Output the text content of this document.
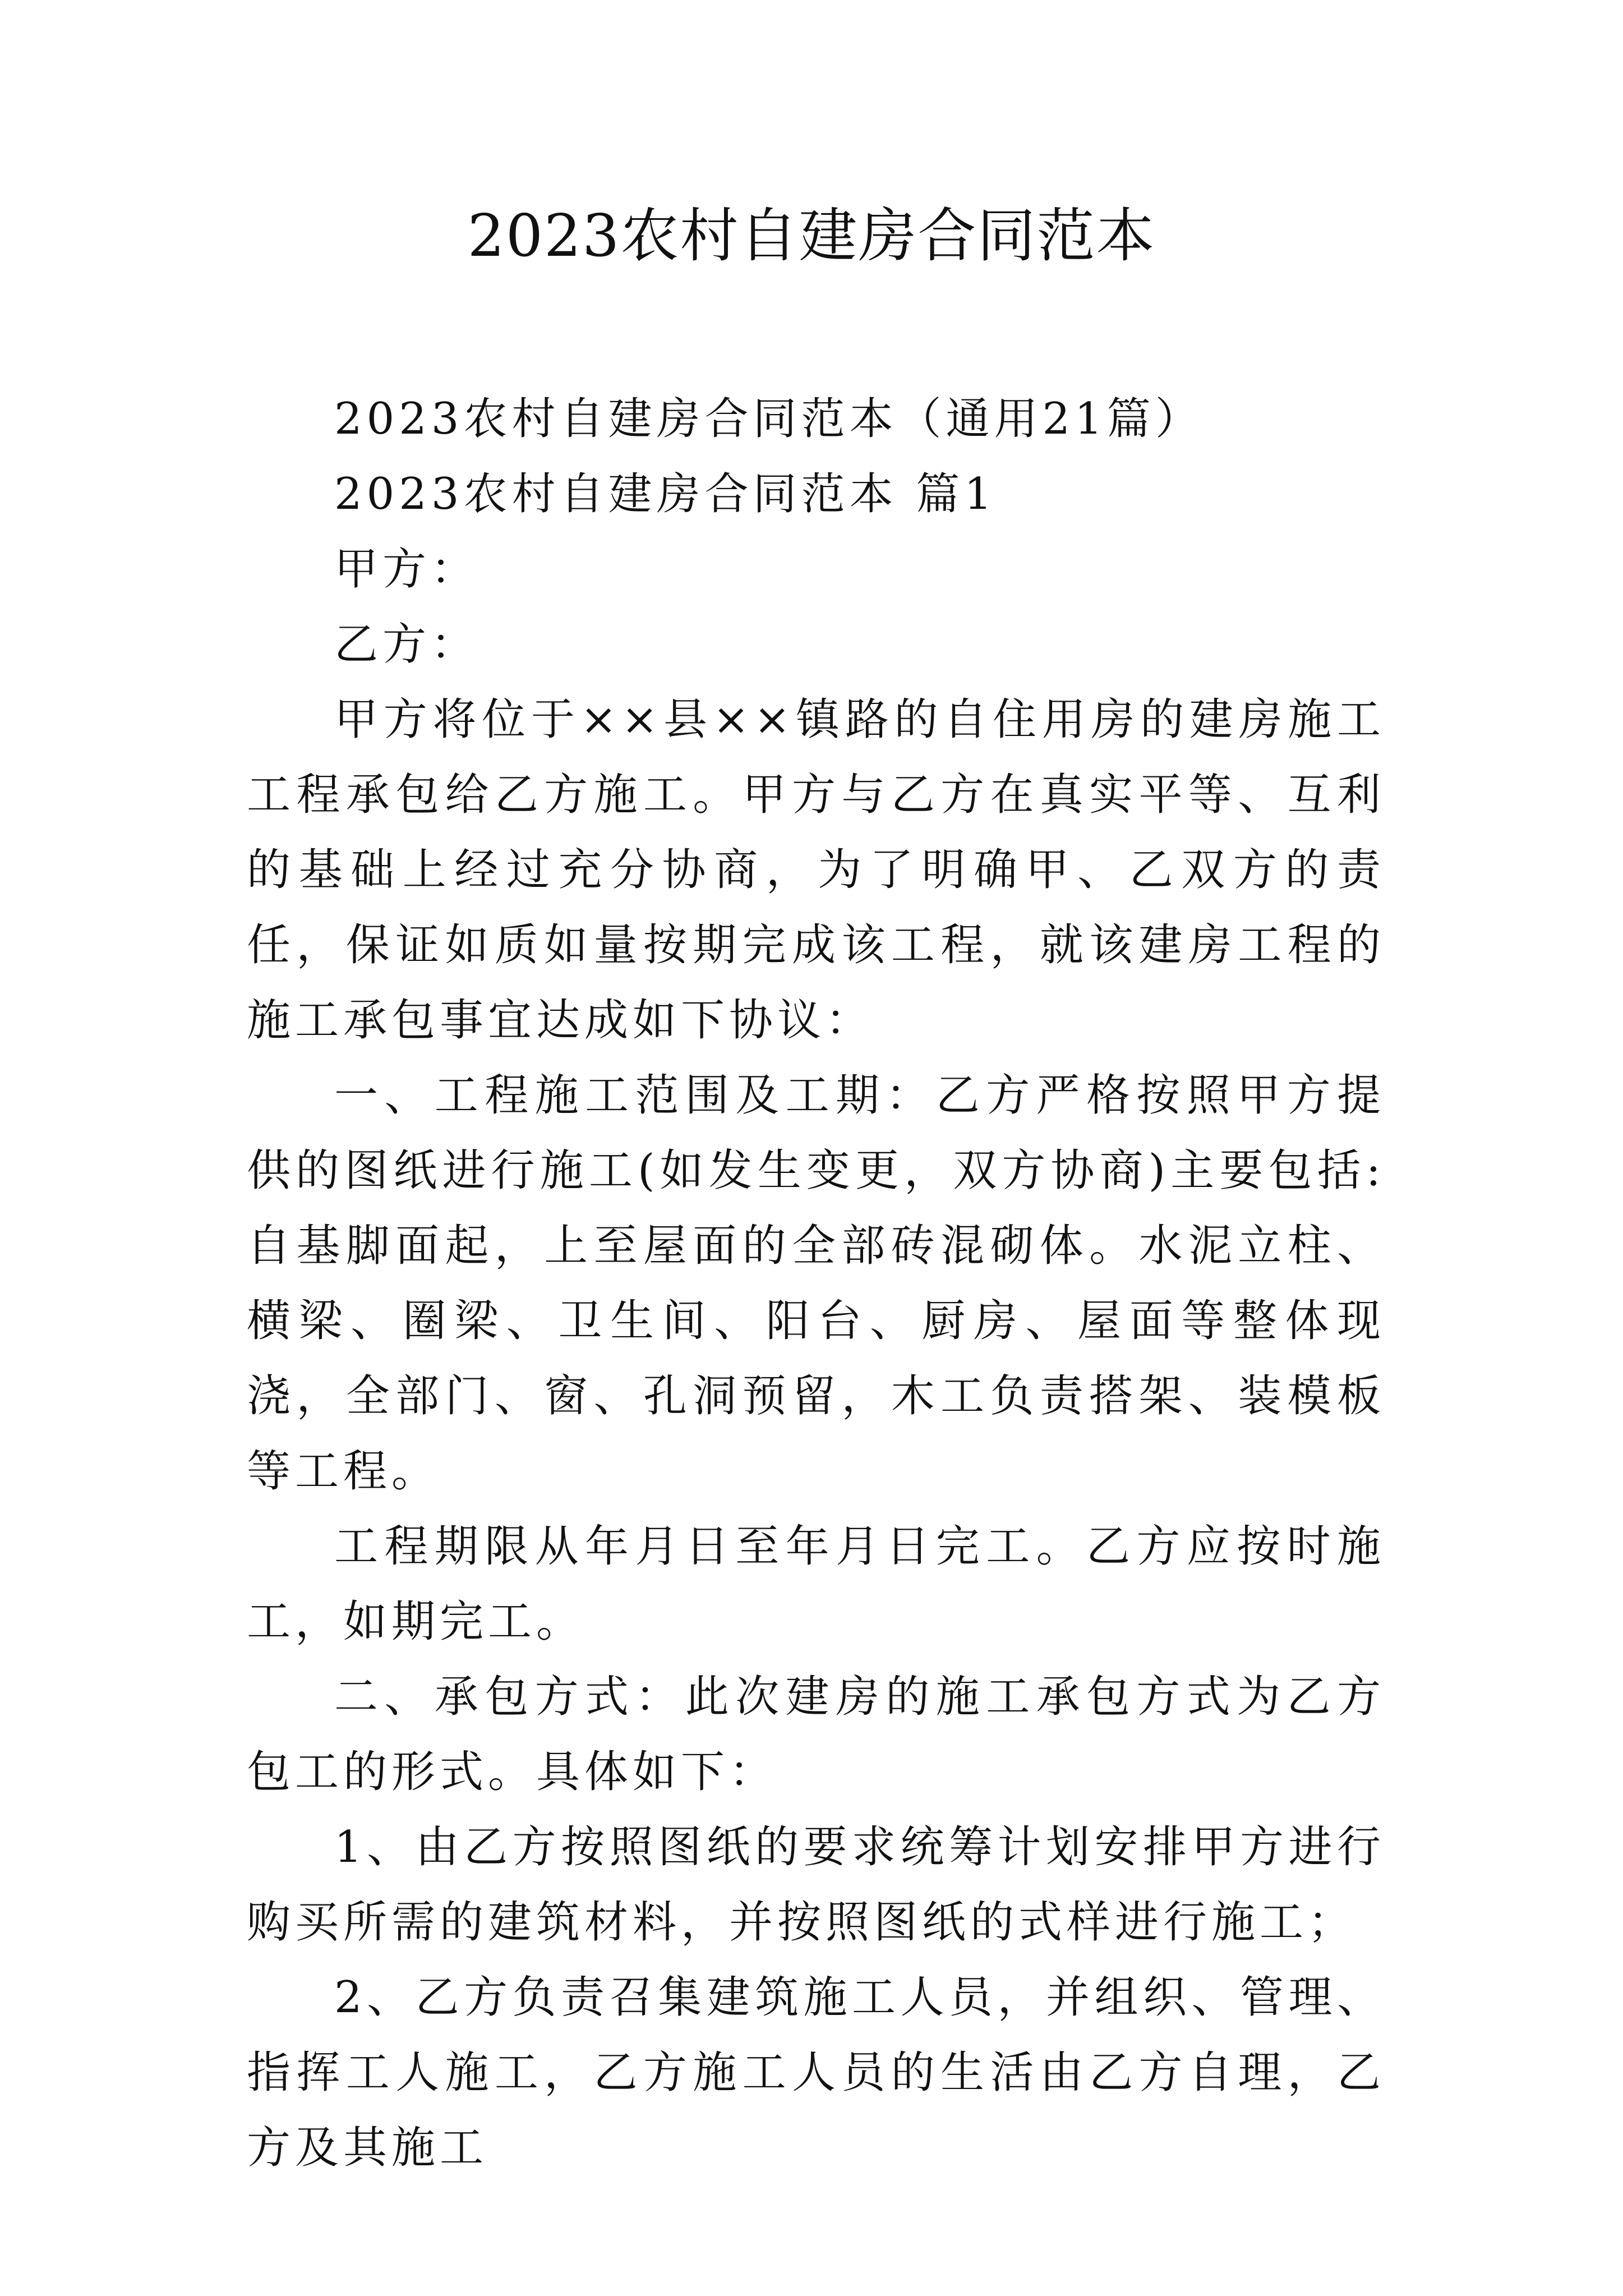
2023农村自建房合同范本

2023农村自建房合同范本（通用21篇）

2023农村自建房合同范本 篇1

甲方：

乙方：

甲方将位于××县××镇路的自住用房的建房施工工程承包给乙方施工。甲方与乙方在真实平等、互利的基础上经过充分协商，为了明确甲、乙双方的责任，保证如质如量按期完成该工程，就该建房工程的施工承包事宜达成如下协议：

一、工程施工范围及工期：乙方严格按照甲方提供的图纸进行施工(如发生变更，双方协商)主要包括: 自基脚面起，上至屋面的全部砖混砌体。水泥立柱、横梁、圈梁、卫生间、阳台、厨房、屋面等整体现浇，全部门、窗、孔洞预留，木工负责搭架、装模板等工程。

工程期限从年月日至年月日完工。乙方应按时施工，如期完工。

二、承包方式：此次建房的施工承包方式为乙方包工的形式。具体如下：

1、由乙方按照图纸的要求统筹计划安排甲方进行购买所需的建筑材料，并按照图纸的式样进行施工；

2、乙方负责召集建筑施工人员，并组织、管理、指挥工人施工，乙方施工人员的生活由乙方自理，乙方及其施工
